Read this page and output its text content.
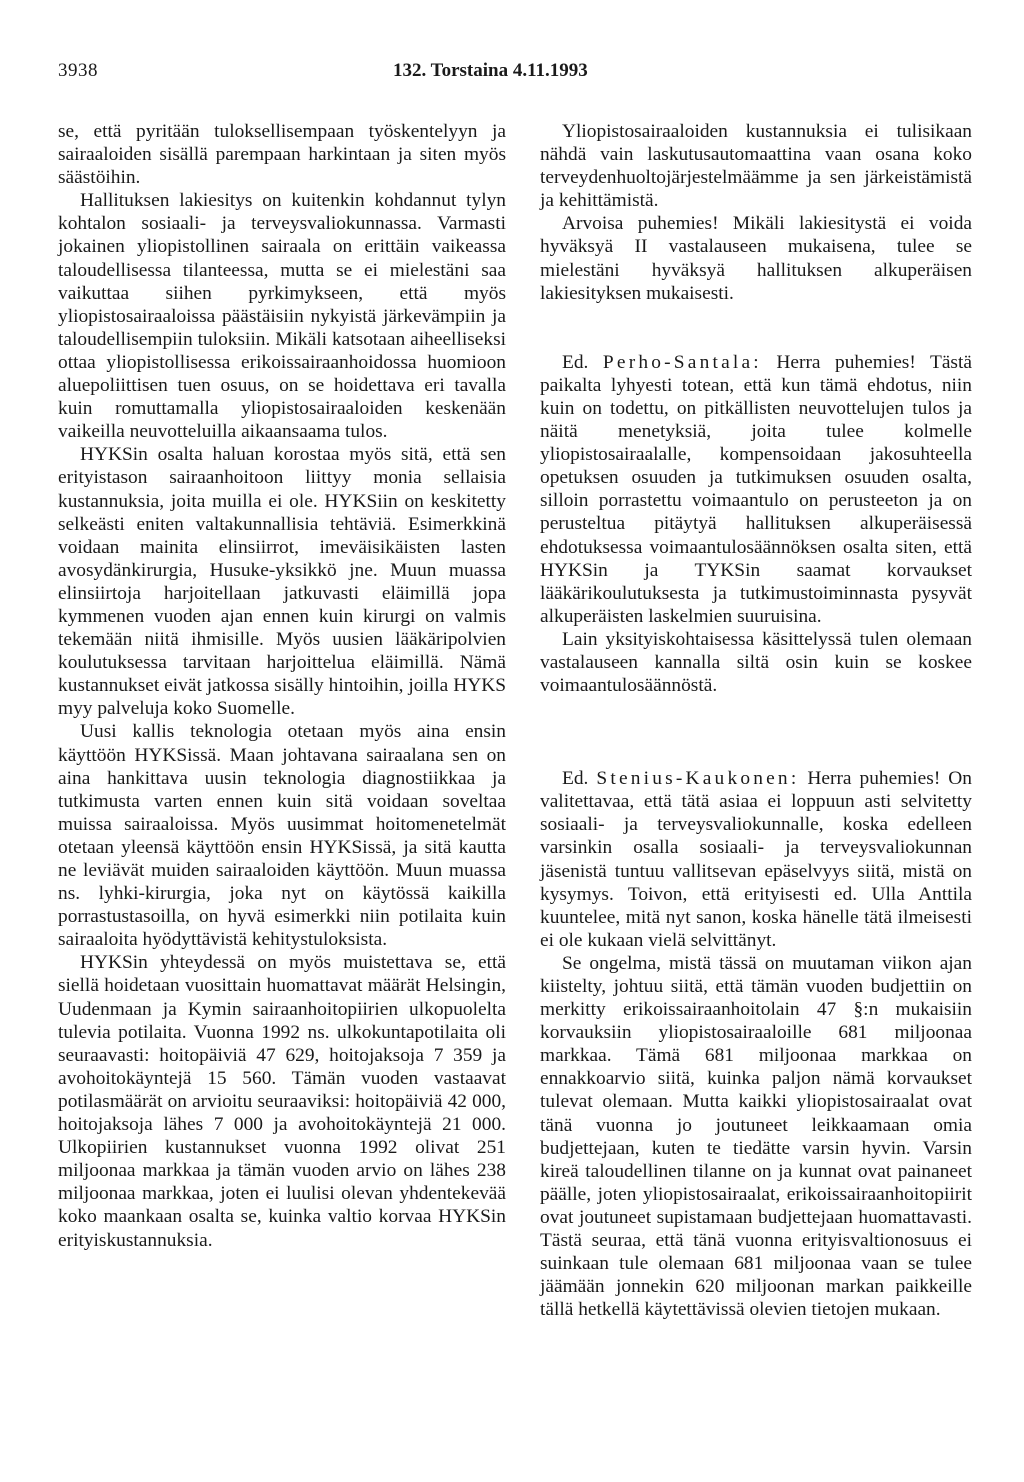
3938	132. Torstaina 4.11.1993

se, että pyritään tuloksellisempaan työskentelyyn ja sairaaloiden sisällä parempaan harkintaan ja siten myös säästöihin.

Hallituksen lakiesitys on kuitenkin kohdannut tylyn kohtalon sosiaali- ja terveysvaliokunnassa. Varmasti jokainen yliopistollinen sairaala on erittäin vaikeassa taloudellisessa tilanteessa, mutta se ei mielestäni saa vaikuttaa siihen pyrkimykseen, että myös yliopistosairaaloissa päästäisiin nykyistä järkevämpiin ja taloudellisempiin tuloksiin. Mikäli katsotaan aiheelliseksi ottaa yliopistollisessa erikoissairaanhoidossa huomioon aluepoliittisen tuen osuus, on se hoidettava eri tavalla kuin romuttamalla yliopistosairaaloiden keskenään vaikeilla neuvotteluilla aikaansaama tulos.

HYKSin osalta haluan korostaa myös sitä, että sen erityistason sairaanhoitoon liittyy monia sellaisia kustannuksia, joita muilla ei ole. HYKSiin on keskitetty selkeästi eniten valtakunnallisia tehtäviä. Esimerkkinä voidaan mainita elinsiirrot, imeväisikäisten lasten avosydänkirurgia, Husuke-yksikkö jne. Muun muassa elinsiirtoja harjoitellaan jatkuvasti eläimillä jopa kymmenen vuoden ajan ennen kuin kirurgi on valmis tekemään niitä ihmisille. Myös uusien lääkäripolvien koulutuksessa tarvitaan harjoittelua eläimillä. Nämä kustannukset eivät jatkossa sisälly hintoihin, joilla HYKS myy palveluja koko Suomelle.

Uusi kallis teknologia otetaan myös aina ensin käyttöön HYKSissä. Maan johtavana sairaalana sen on aina hankittava uusin teknologia diagnostiikkaa ja tutkimusta varten ennen kuin sitä voidaan soveltaa muissa sairaaloissa. Myös uusimmat hoitomenetelmät otetaan yleensä käyttöön ensin HYKSissä, ja sitä kautta ne leviävät muiden sairaaloiden käyttöön. Muun muassa ns. lyhki-kirurgia, joka nyt on käytössä kaikilla porrastustasoilla, on hyvä esimerkki niin potilaita kuin sairaaloita hyödyttävistä kehitystuloksista.

HYKSin yhteydessä on myös muistettava se, että siellä hoidetaan vuosittain huomattavat määrät Helsingin, Uudenmaan ja Kymin sairaanhoitopiirien ulkopuolelta tulevia potilaita. Vuonna 1992 ns. ulkokuntapotilaita oli seuraavasti: hoitopäiviä 47 629, hoitojaksoja 7 359 ja avohoitokäyntejä 15 560. Tämän vuoden vastaavat potilasmäärät on arvioitu seuraaviksi: hoitopäiviä 42 000, hoitojaksoja lähes 7 000 ja avohoitokäyntejä 21 000. Ulkopiirien kustannukset vuonna 1992 olivat 251 miljoonaa markkaa ja tämän vuoden arvio on lähes 238 miljoonaa markkaa, joten ei luulisi olevan yhdentekevää koko maankaan osalta se, kuinka valtio korvaa HYKSin erityiskustannuksia.

Yliopistosairaaloiden kustannuksia ei tulisikaan nähdä vain laskutusautomaattina vaan osana koko terveydenhuoltojärjestelmäämme ja sen järkeistämistä ja kehittämistä.

Arvoisa puhemies! Mikäli lakiesitystä ei voida hyväksyä II vastalauseen mukaisena, tulee se mielestäni hyväksyä hallituksen alkuperäisen lakiesityksen mukaisesti.

Ed. Perho-Santala: Herra puhemies! Tästä paikalta lyhyesti totean, että kun tämä ehdotus, niin kuin on todettu, on pitkällisten neuvottelujen tulos ja näitä menetyksiä, joita tulee kolmelle yliopistosairaalalle, kompensoidaan jakosuhteella opetuksen osuuden ja tutkimuksen osuuden osalta, silloin porrastettu voimaantulo on perusteeton ja on perusteltua pitäytyä hallituksen alkuperäisessä ehdotuksessa voimaantulosäännöksen osalta siten, että HYKSin ja TYKSin saamat korvaukset lääkärikoulutuksesta ja tutkimustoiminnasta pysyvät alkuperäisten laskelmien suuruisina.

Lain yksityiskohtaisessa käsittelyssä tulen olemaan vastalauseen kannalla siltä osin kuin se koskee voimaantulosäännöstä.

Ed. Stenius-Kaukonen: Herra puhemies! On valitettavaa, että tätä asiaa ei loppuun asti selvitetty sosiaali- ja terveysvaliokunnalle, koska edelleen varsinkin osalla sosiaali- ja terveysvaliokunnan jäsenistä tuntuu vallitsevan epäselvyys siitä, mistä on kysymys. Toivon, että erityisesti ed. Ulla Anttila kuuntelee, mitä nyt sanon, koska hänelle tätä ilmeisesti ei ole kukaan vielä selvittänyt.

Se ongelma, mistä tässä on muutaman viikon ajan kiistelty, johtuu siitä, että tämän vuoden budjettiin on merkitty erikoissairaanhoitolain 47 §:n mukaisiin korvauksiin yliopistosairaaloille 681 miljoonaa markkaa. Tämä 681 miljoonaa markkaa on ennakkoarvio siitä, kuinka paljon nämä korvaukset tulevat olemaan. Mutta kaikki yliopistosairaalat ovat tänä vuonna jo joutuneet leikkaamaan omia budjettejaan, kuten te tiedätte varsin hyvin. Varsin kireä taloudellinen tilanne on ja kunnat ovat painaneet päälle, joten yliopistosairaalat, erikoissairaanhoitopiirit ovat joutuneet supistamaan budjettejaan huomattavasti. Tästä seuraa, että tänä vuonna erityisvaltionosuus ei suinkaan tule olemaan 681 miljoonaa vaan se tulee jäämään jonnekin 620 miljoonan markan paikkeille tällä hetkellä käytettävissä olevien tietojen mukaan.
